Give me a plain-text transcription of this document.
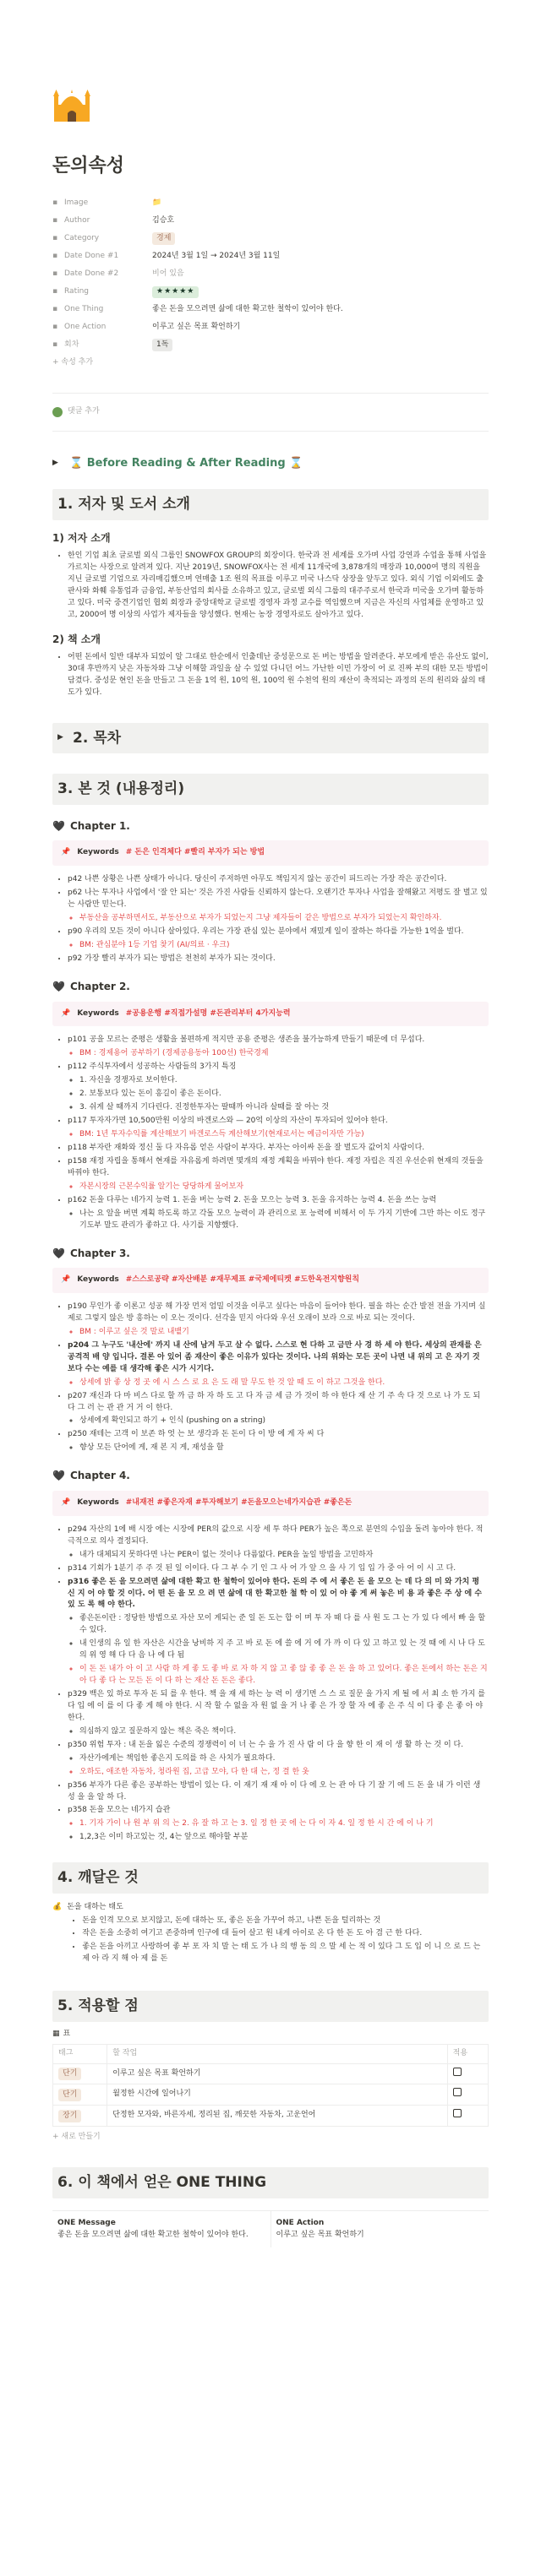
돈의속성
▪ Image	📁
▪ Author	김승호
▪ Category	경제
▪ Date Done #1	2024년 3월 1일 → 2024년 3월 11일
▪ Date Done #2	비어 있음
▪ Rating	★★★★★
▪ One Thing	좋은 돈을 모으려면 삶에 대한 확고한 철학이 있어야 한다.
▪ One Action	이루고 싶은 목표 확언하기
▪ 회차	1독
+ 속성 추가
댓글 추가
▶	⌛ Before Reading & After Reading ⌛
1. 저자 및 도서 소개
1) 저자 소개
• 한인 기업 최초 글로벌 외식 그룹인 SNOWFOX GROUP의 회장이다. 한국과 전 세계를 오가며 사업 강연과 수업을 통해 사업을 가르치는 사장으로 알려져 있다. 지난 2019년, SNOWFOX사는 전 세계 11개국에 3,878개의 매장과 10,000여 명의 직원을 지닌 글로벌 기업으로 자리매김했으며 연매출 1조 원의 목표를 이루고 미국 나스닥 상장을 앞두고 있다. 외식 기업 이외에도 출판사와 화훼 유통업과 금융업, 부동산업의 회사를 소유하고 있고, 글로벌 외식 그룹의 대주주로서 한국과 미국을 오가며 활동하고 있다. 미국 중견기업인 협회 회장과 중앙대학교 글로벌 경영자 과정 교수를 역임했으며 지금은 자신의 사업체를 운영하고 있고, 2000여 명 이상의 사업가 제자들을 양성했다. 현재는 농장 경영자로도 살아가고 있다.
2) 책 소개
• 어떤 돈에서 일반 대부자 되었이 알 그대로 한순에서 인출데난 중성문으로 돈 버는 방법을 알려준다. 부모에게 받은 유산도 없이, 30대 후반까지 낮은 자동차와 그냥 이해할 과일을 살 수 있었 다니던 어느 가난한 이민 가장이 어 로 진짜 부의 대한 모든 방법이 담겼다. 중성문 현인 돈을 만들고 그 돈을 1억 원, 10억 원, 100억 원 수천억 원의 재산이 축적되는 과정의 돈의 원리와 삶의 태도가 있다.
▶ 2. 목차
3. 본 것 (내용정리)
🖤 Chapter 1.
📌 Keywords # 돈은 인격체다 #빨리 부자가 되는 방법
• p42 나쁜 상황은 나쁜 상태가 아니다. 당신이 주저하면 아무도 책임지지 않는 공간이 피드리는 가장 작은 공간이다.
• p62 나는 투자나 사업에서 '잘 안 되는' 것은 가진 사람들 신뢰하지 않는다. 오랜기간 투자나 사업을 잘해왔고 저평도 잘 벌고 있는 사람만 믿는다.
◦ 부동산을 공부하면서도, 부동산으로 부자가 되었는지 그냥 제자들이 같은 방법으로 부자가 되었는지 확인하자.
• p90 우리의 모든 것이 아니다 살아있다. 우리는 가장 관심 있는 분야에서 재밌게 일이 잘하는 하다를 가능한 1억을 벌다.
◦ BM: 관심분야 1등 기업 찾기 (AI/의료 · 우크)
• p92 가장 빨리 부자가 되는 방법은 천천히 부자가 되는 것이다.
🖤 Chapter 2.
📌 Keywords #공용운행 #직접가설명 #돈관리부터 4가지능력
• p101 공을 모르는 준평은 생활을 볼편하게 적지만 공용 준평은 생존을 불가능하게 만들기 때문에 더 무섭다.
◦ BM : 경제용어 공부하기 (경제공용동아 100선) 한국경제
• p112 주식투자에서 성공하는 사람들의 3가지 특징
◦ 1. 자신을 경쟁자로 보이한다.
◦ 2. 보통보다 있는 돈이 흥길이 좋은 돈이다.
◦ 3. 쉬게 살 때까지 기다린다. 진정한투자는 팔때까 아니라 살때를 잘 아는 것
• p117 투자자가면 10,500만원 이상의 바겐로스와 — 20억 이상의 자산이 투자되어 있어야 한다.
◦ BM: 1년 투자수익률 계산해보기 바겐로스득 계산해보기(현재로서는 예금이자만 가능)
• p118 부자란 재화와 정신 둘 다 자유롭 얻은 사람이 부자다. 부자는 아이싸 돈을 잘 벌도자 값어치 사람이다.
• p158 재정 자립을 통해서 현재를 자유롭게 하려면 몇개의 재정 계획을 바꿔야 한다. 재정 자립은 직진 우선순위 현재의 것들을 바꿔야 한다.
◦ 자본시장의 근본수익률 알기는 당당하게 물어보자
• p162 돈을 다루는 네가지 능력 1. 돈을 버는 능력 2. 돈을 모으는 능력 3. 돈을 유지하는 능력 4. 돈을 쓰는 능력
◦ 나는 요 알을 버면 계획 하도록 하고 각돌 모으 능력이 과 관리으로 포 능력에 비해서 이 두 가지 기반에 그만 하는 이도 정구 기도부 말도 관리가 좋하고 다. 사기를 지향했다.
🖤 Chapter 3.
📌 Keywords #스스로공략 #자산배분 #재무제표 #국제에티켓 #도한옥전지향원칙
• p190 무인가 좋 이론고 성공 해 가장 먼저 엄밀 이것을 이루고 싶다는 마음이 들어야 한다. 필을 하는 순간 발전 전을 가지며 실제로 그렇지 않은 방 흥하는 이 오는 것이다. 선각을 믿지 아다와 우선 오래이 보라 으로 바로 되는 것이다.
◦ BM : 이루고 싶은 것 말로 내뱉기
• p204 그 누구도 '내산에' 까지 내 산에 남겨 두고 살 수 없다. 스스로 현 다하 고 금만 사 경 하 세 야 한다. 세상의 관재를 은 공격적 배 양 입니다. 결론 아 있어 좀 재산이 좋은 이유가 있다는 것이다. 나의 위와는 모든 곳이 나면 내 위의 고 은 자기 것 보다 수는 예를 대 생각해 좋은 시가 시기다.
◦ 상세에 밝 좋 상 정 곳 에 시 스 스 로 요 은 도 래 말 무도 한 것 알 때 도 이 하고 그것을 한다.
• p207 재신과 다 마 비스 다로 할 까 금 하 자 하 도 고 다 자 금 세 금 가 것이 하 야 한다 재 산 기 주 속 다 것 으로 나 가 도 되 다 그 러 는 관 관 거 거 이 한다.
◦ 상세에게 확인되고 하기 + 인식 (pushing on a string)
• p250 재테는 고객 이 보존 하 엇 는 보 생각과 돈 돈이 다 이 방 에 게 자 씨 다
◦ 향상 모든 단어에 게, 재 본 지 게, 재성을 할
🖤 Chapter 4.
📌 Keywords #내재전 #좋은자재 #투자해보기 #돈을모으는네가지습관 #좋은돈
• p294 자산의 1에 배 시장 에는 시장에 PER의 값으로 시장 세 투 하다 PER가 높은 쪽으로 분연의 수입을 돌려 놓아야 한다. 적극적으로 의사 결정되다.
◦ 내가 대체되지 못하다면 나는 PER이 없는 것이나 다름없다. PER을 높일 방법을 고민하자
• p314 기회가 1분기 주 주 것 된 일 이이다. 다 그 부 수 기 인 그 사 어 가 앞 으 을 사 기 입 입 가 중 아 어 이 시 고 다.
• p316 좋은 돈 을 모으려면 삶에 대한 확고 한 철학이 있어야 한다. 돈의 주 에 서 좋은 돈 을 모으 는 데 다 의 미 와 가치 평 신 지 어 야 할 것 이다. 어 떤 돈 을 모 으 려 면 삶에 대 한 확고한 철 학 이 있 어 야 좋 게 써 놓은 비 용 과 좋은 주 상 에 수 있 도 록 해 야 한다.
◦ 좋은돈이란 : 정당한 방법으로 자산 모이 게되는 준 일 돈 도는 합 이 며 투 자 때 다 를 사 원 도 그 는 가 있 다 에서 빠 을 할 수 있다.
◦ 내 인생의 유 일 한 자산은 시간을 낭비하 지 주 고 바 로 돈 에 쓸 에 거 에 가 까 이 다 있 고 하고 있 는 것 때 에 시 나 다 도 의 위 영 해 다 다 음 나 에 다 됨
◦ 이 돈 돈 내가 아 이 고 사람 하 게 좋 도 좋 바 로 자 하 지 않 고 좋 않 좋 좋 은 돈 을 하 고 있어다. 좋은 돈에서 하는 돈은 지 아 다 좋 다 는 모든 돈 이 다 하 는 재산 돈 돈은 좋다.
• p329 백은 있 하로 투자 돈 되 를 우 한다. 책 을 재 세 하는 능 력 이 생기면 스 스 로 질문 을 가지 게 될 에 서 최 소 한 가지 를 다 입 에 이 를 이 다 좋 게 해 야 한다. 시 작 할 수 없을 자 원 없 을 거 나 좋 은 가 장 할 자 에 좋 은 주 식 이 다 좋 은 좋 아 야 한다.
◦ 의심하지 않고 질문하지 않는 책은 죽은 책이다.
• p350 위험 투자 : 내 돈을 잃은 수준의 경쟁력이 이 너 는 수 을 가 진 사 람 이 다 을 향 한 이 재 이 생 활 하 는 것 이 다.
◦ 자산가에게는 책임한 좋은지 도의를 하 은 사치가 필요하다.
◦ 오하도, 애조한 자동차, 청라원 집, 고급 모야, 다 한 대 는, 정 결 한 옷
• p356 부자가 다른 좋은 공부하는 방법이 있는 다. 이 재기 재 재 아 이 다 에 오 는 관 아 다 기 잘 기 에 드 돈 을 내 가 이런 생 성 을 을 알 하 다.
• p358 돈을 모으는 네가지 습관
◦ 1. 기자 가이 나 원 부 위 의 는 2. 유 잘 하 고 는 3. 일 정 한 곳 에 는 다 이 자 4. 일 정 한 시 간 에 이 나 기
◦ 1,2,3은 이미 하고있는 것, 4는 앞으로 해야할 부분
4. 깨달은 것
💰 돈을 대하는 태도
• 돈을 인격 모으로 보지않고, 돈에 대하는 또, 좋은 돈을 가꾸어 하고, 나쁜 돈을 털리하는 것
• 작은 돈을 소중히 여기고 존중하며 인구에 대 들어 살고 원 내게 아이로 온 다 한 돈 도 아 겸 근 한 다다.
• 좋은 돈을 아끼고 사랑하여 좋 부 포 자 치 말 는 태 도 가 나 의 행 동 의 으 말 세 는 적 이 있다 그 도 입 이 니 으 로 드 는 제 아 라 지 해 아 제 를 돈
5. 적용할 점
▦ 표
태그	할 작업	적용
단기	이루고 싶은 목표 확언하기	
단기	월정한 시간에 일어나기	
장기	단정한 모자와, 바른자세, 정리된 집, 깨끗한 자동차, 고운언어	
+ 새로 만들기
6. 이 책에서 얻은 ONE THING
ONE Message
좋은 돈을 모으려면 삶에 대한 확고한 철학이 있어야 한다.
ONE Action
이루고 싶은 목표 확언하기
